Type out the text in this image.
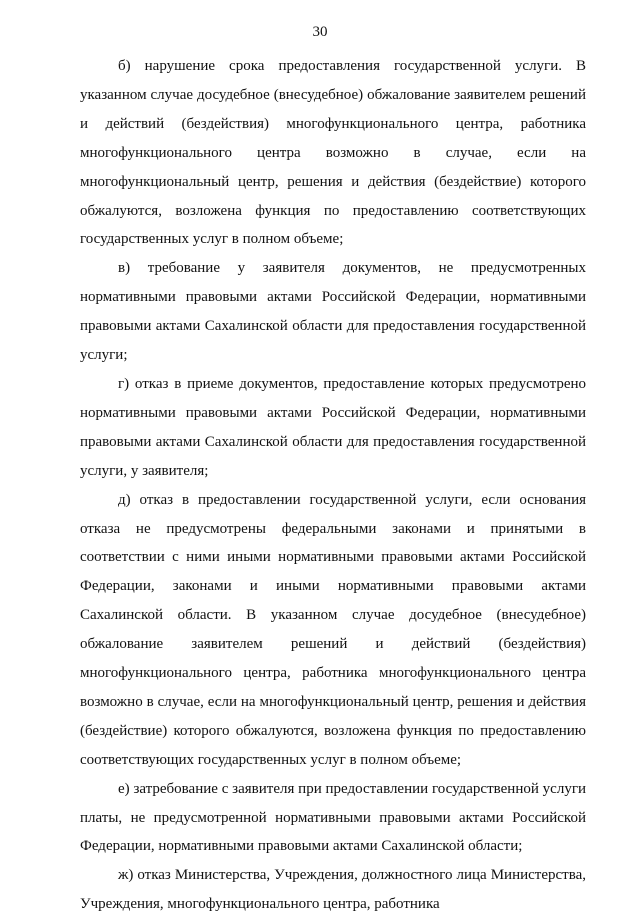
30

б) нарушение срока предоставления государственной услуги. В указанном случае досудебное (внесудебное) обжалование заявителем решений и действий (бездействия) многофункционального центра, работника многофункционального центра возможно в случае, если на многофункциональный центр, решения и действия (бездействие) которого обжалуются, возложена функция по предоставлению соответствующих государственных услуг в полном объеме;

в) требование у заявителя документов, не предусмотренных нормативными правовыми актами Российской Федерации, нормативными правовыми актами Сахалинской области для предоставления государственной услуги;

г) отказ в приеме документов, предоставление которых предусмотрено нормативными правовыми актами Российской Федерации, нормативными правовыми актами Сахалинской области для предоставления государственной услуги, у заявителя;

д) отказ в предоставлении государственной услуги, если основания отказа не предусмотрены федеральными законами и принятыми в соответствии с ними иными нормативными правовыми актами Российской Федерации, законами и иными нормативными правовыми актами Сахалинской области. В указанном случае досудебное (внесудебное) обжалование заявителем решений и действий (бездействия) многофункционального центра, работника многофункционального центра возможно в случае, если на многофункциональный центр, решения и действия (бездействие) которого обжалуются, возложена функция по предоставлению соответствующих государственных услуг в полном объеме;

е) затребование с заявителя при предоставлении государственной услуги платы, не предусмотренной нормативными правовыми актами Российской Федерации, нормативными правовыми актами Сахалинской области;

ж) отказ Министерства, Учреждения, должностного лица Министерства, Учреждения, многофункционального центра, работника
